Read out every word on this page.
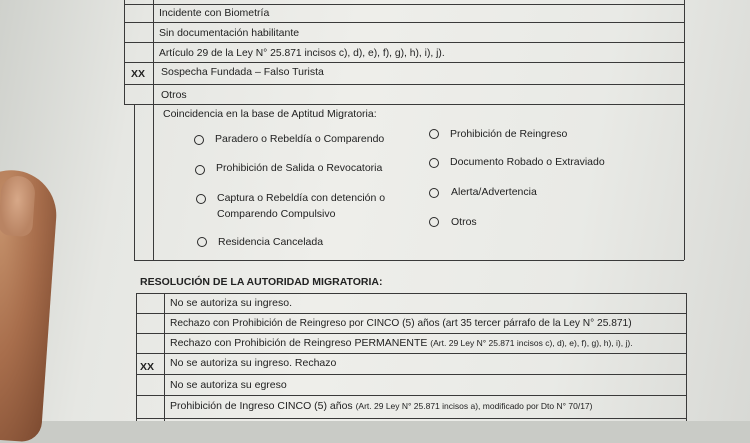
Incidente con Biometría
Sin documentación habilitante
Artículo 29 de la Ley N° 25.871 incisos c), d), e), f), g), h), i), j).
XX Sospecha Fundada – Falso Turista
Otros
Coincidencia en la base de Aptitud Migratoria:
Paradero o Rebeldía o Comparendo
Prohibición de Salida o Revocatoria
Captura o Rebeldía con detención o
Comparendo Compulsivo
Residencia Cancelada
Prohibición de Reingreso
Documento Robado o Extraviado
Alerta/Advertencia
Otros
RESOLUCIÓN DE LA AUTORIDAD MIGRATORIA:
No se autoriza su ingreso.
Rechazo con Prohibición de Reingreso por CINCO (5) años (art 35 tercer párrafo de la Ley N° 25.871)
Rechazo con Prohibición de Reingreso PERMANENTE (Art. 29 Ley N° 25.871 incisos c), d), e), f), g), h), i), j).
XX No se autoriza su ingreso. Rechazo
No se autoriza su egreso
Prohibición de Ingreso CINCO (5) años (Art. 29 Ley N° 25.871 incisos a), modificado por Dto N° 70/17)
